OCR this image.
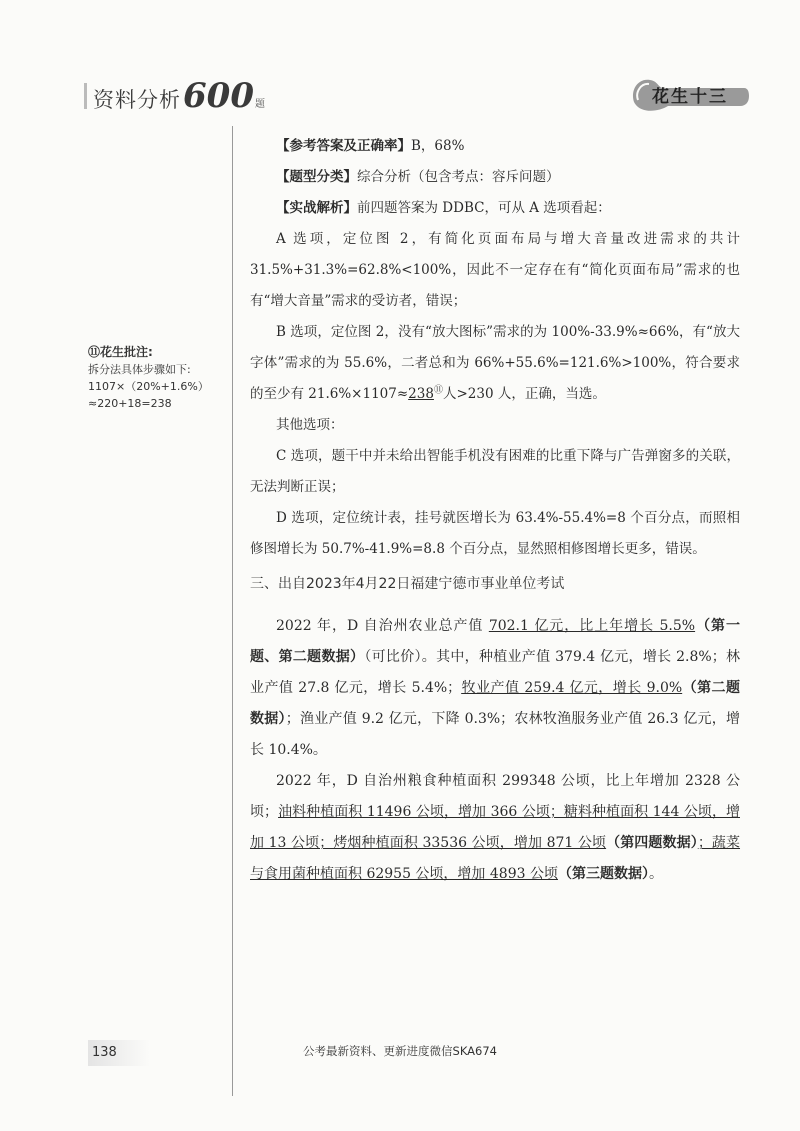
资料分析 600 题	花生十三
⑪花生批注:
拆分法具体步骤如下:
1107×（20%+1.6%）
≈220+18=238

【参考答案及正确率】B，68%

【题型分类】综合分析（包含考点：容斥问题）

【实战解析】前四题答案为 DDBC，可从 A 选项看起：

A 选项，定位图 2，有简化页面布局与增大音量改进需求的共计 31.5%+31.3%=62.8%<100%，因此不一定存在有“简化页面布局”需求的也有“增大音量”需求的受访者，错误；

B 选项，定位图 2，没有“放大图标”需求的为 100%-33.9%≈66%，有“放大字体”需求的为 55.6%，二者总和为 66%+55.6%=121.6%>100%，符合要求的至少有 21.6%×1107≈238⑪人>230 人，正确，当选。

其他选项：

C 选项，题干中并未给出智能手机没有困难的比重下降与广告弹窗多的关联，无法判断正误；

D 选项，定位统计表，挂号就医增长为 63.4%-55.4%=8 个百分点，而照相修图增长为 50.7%-41.9%=8.8 个百分点，显然照相修图增长更多，错误。

三、出自2023年4月22日福建宁德市事业单位考试

2022 年，D 自治州农业总产值 702.1 亿元，比上年增长 5.5%（第一题、第二题数据）（可比价）。其中，种植业产值 379.4 亿元，增长 2.8%；林业产值 27.8 亿元，增长 5.4%；牧业产值 259.4 亿元，增长 9.0%（第二题数据）；渔业产值 9.2 亿元，下降 0.3%；农林牧渔服务业产值 26.3 亿元，增长 10.4%。

2022 年，D 自治州粮食种植面积 299348 公顷，比上年增加 2328 公顷；油料种植面积 11496 公顷，增加 366 公顷；糖料种植面积 144 公顷，增加 13 公顷；烤烟种植面积 33536 公顷，增加 871 公顷（第四题数据）；蔬菜与食用菌种植面积 62955 公顷，增加 4893 公顷（第三题数据）。

138	公考最新资料、更新进度微信SKA674
